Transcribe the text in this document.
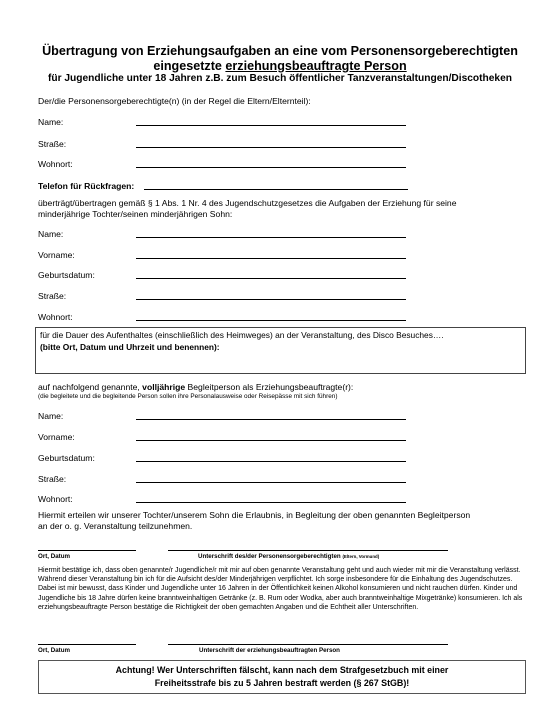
Übertragung von Erziehungsaufgaben an eine vom Personensorgeberechtigten
eingesetzte erziehungsbeauftragte Person
für Jugendliche unter 18 Jahren z.B. zum Besuch öffentlicher Tanzveranstaltungen/Discotheken
Der/die Personensorgeberechtigte(n) (in der Regel die Eltern/Elternteil):
Name:
Straße:
Wohnort:
Telefon für Rückfragen:
überträgt/übertragen gemäß § 1 Abs. 1 Nr. 4 des Jugendschutzgesetzes die Aufgaben der Erziehung für seine minderjährige Tochter/seinen minderjährigen Sohn:
Name:
Vorname:
Geburtsdatum:
Straße:
Wohnort:
für die Dauer des Aufenthaltes (einschließlich des Heimweges) an der Veranstaltung, des Disco Besuches….
(bitte Ort, Datum und Uhrzeit und benennen):
auf nachfolgend genannte, volljährige Begleitperson als Erziehungsbeauftragte(r):
(die begleitete und die begleitende Person sollen ihre Personalausweise oder Reisepässe mit sich führen)
Name:
Vorname:
Geburtsdatum:
Straße:
Wohnort:
Hiermit erteilen wir unserer Tochter/unserem Sohn die Erlaubnis, in Begleitung der oben genannten Begleitperson an der o. g. Veranstaltung teilzunehmen.
Ort, Datum	Unterschrift des/der Personensorgeberechtigten (Eltern, Vormund)
Hiermit bestätige ich, dass oben genannte/r Jugendliche/r mit mir auf oben genannte Veranstaltung geht und auch wieder mit mir die Veranstaltung verlässt. Während dieser Veranstaltung bin ich für die Aufsicht des/der Minderjährigen verpflichtet. Ich sorge insbesondere für die Einhaltung des Jugendschutzes. Dabei ist mir bewusst, dass Kinder und Jugendliche unter 16 Jahren in der Öffentlichkeit keinen Alkohol konsumieren und nicht rauchen dürfen. Kinder und Jugendliche bis 18 Jahre dürfen keine branntweinhaltigen Getränke (z. B. Rum oder Wodka, aber auch branntweinhaltige Mixgetränke) konsumieren. Ich als erziehungsbeauftragte Person bestätige die Richtigkeit der oben gemachten Angaben und die Echtheit aller Unterschriften.
Ort, Datum	Unterschrift der erziehungsbeauftragten Person
Achtung! Wer Unterschriften fälscht, kann nach dem Strafgesetzbuch mit einer
Freiheitsstrafe bis zu 5 Jahren bestraft werden (§ 267 StGB)!
